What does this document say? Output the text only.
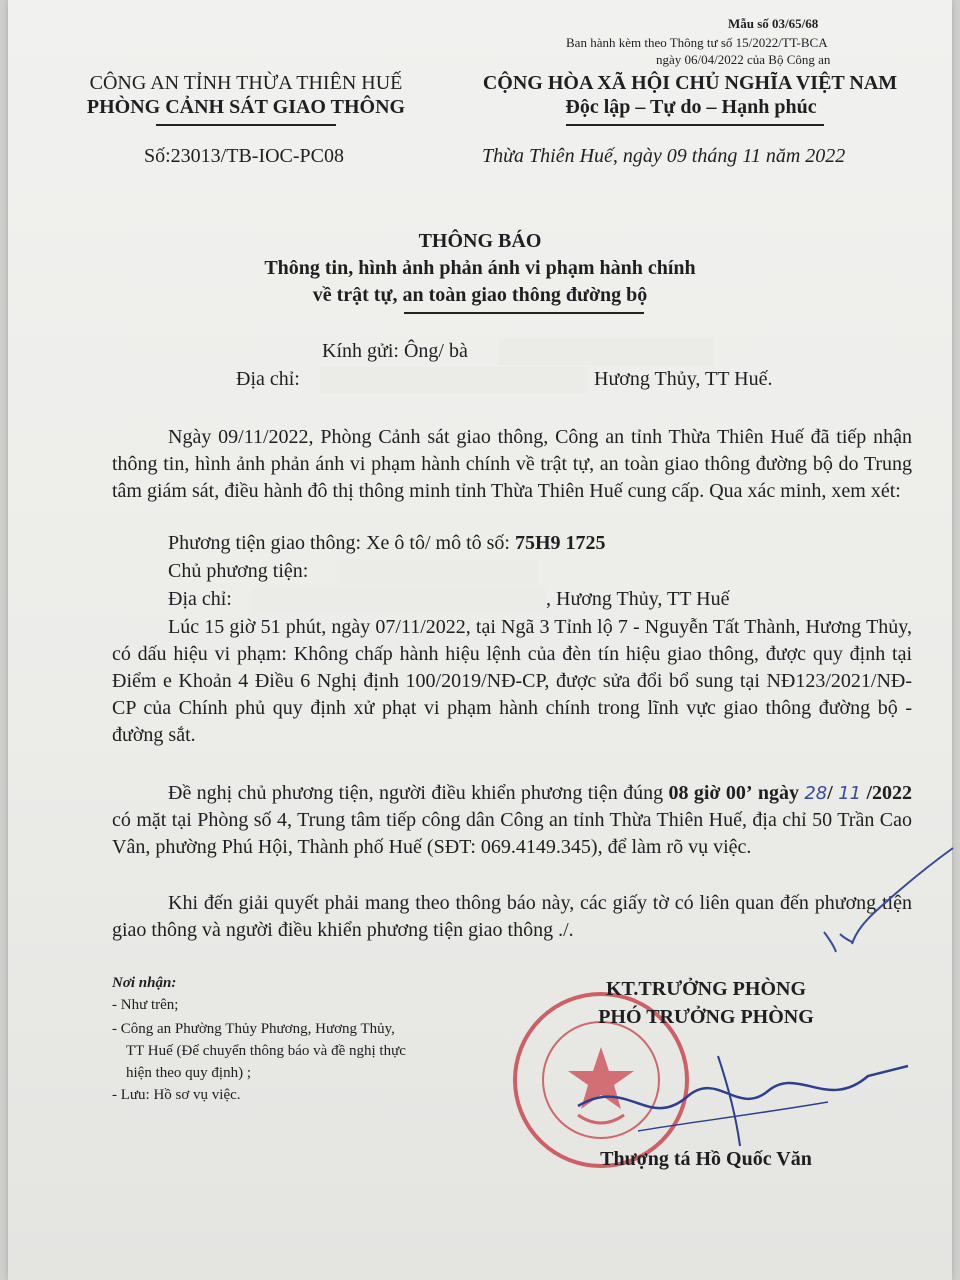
Mẫu số 03/65/68
Ban hành kèm theo Thông tư số 15/2022/TT-BCA
ngày 06/04/2022 của Bộ Công an
CÔNG AN TỈNH THỪA THIÊN HUẾ
PHÒNG CẢNH SÁT GIAO THÔNG
Số:23013/TB-IOC-PC08
CỘNG HÒA XÃ HỘI CHỦ NGHĨA VIỆT NAM
Độc lập – Tự do – Hạnh phúc
Thừa Thiên Huế, ngày 09 tháng 11 năm 2022
THÔNG BÁO
Thông tin, hình ảnh phản ánh vi phạm hành chính
về trật tự, an toàn giao thông đường bộ
Kính gửi: Ông/ bà
Địa chỉ:	Hương Thủy, TT Huế.
Ngày 09/11/2022, Phòng Cảnh sát giao thông, Công an tỉnh Thừa Thiên Huế đã tiếp nhận thông tin, hình ảnh phản ánh vi phạm hành chính về trật tự, an toàn giao thông đường bộ do Trung tâm giám sát, điều hành đô thị thông minh tỉnh Thừa Thiên Huế cung cấp. Qua xác minh, xem xét:
Phương tiện giao thông: Xe ô tô/ mô tô số: 75H9 1725
Chủ phương tiện:
Địa chỉ:	, Hương Thủy, TT Huế
Lúc 15 giờ 51 phút, ngày 07/11/2022, tại Ngã 3 Tỉnh lộ 7 - Nguyễn Tất Thành, Hương Thủy, có dấu hiệu vi phạm: Không chấp hành hiệu lệnh của đèn tín hiệu giao thông, được quy định tại Điểm e Khoản 4 Điều 6 Nghị định 100/2019/NĐ-CP, được sửa đổi bổ sung tại NĐ123/2021/NĐ-CP của Chính phủ quy định xử phạt vi phạm hành chính trong lĩnh vực giao thông đường bộ - đường sắt.
Đề nghị chủ phương tiện, người điều khiển phương tiện đúng 08 giờ 00’ ngày 28/ 11 /2022 có mặt tại Phòng số 4, Trung tâm tiếp công dân Công an tỉnh Thừa Thiên Huế, địa chỉ 50 Trần Cao Vân, phường Phú Hội, Thành phố Huế (SĐT: 069.4149.345), để làm rõ vụ việc.
Khi đến giải quyết phải mang theo thông báo này, các giấy tờ có liên quan đến phương tiện giao thông và người điều khiển phương tiện giao thông ./.
Nơi nhận:
- Như trên;
- Công an Phường Thủy Phương, Hương Thủy,
TT Huế (Để chuyển thông báo và đề nghị thực
hiện theo quy định) ;
- Lưu: Hồ sơ vụ việc.
KT.TRƯỞNG PHÒNG
PHÓ TRƯỞNG PHÒNG
Thượng tá Hồ Quốc Văn
